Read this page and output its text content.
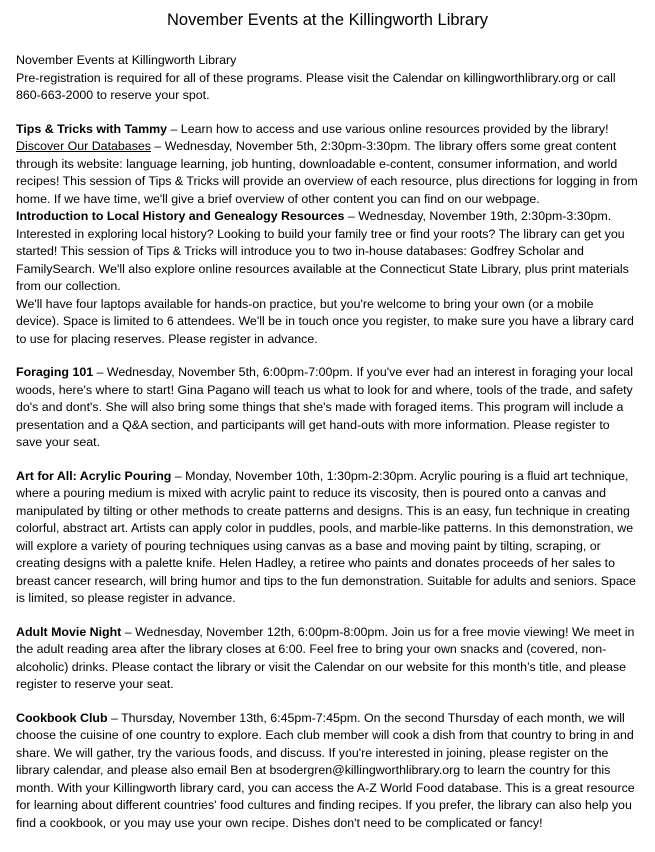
November Events at the Killingworth Library

November Events at Killingworth Library

Pre-registration is required for all of these programs. Please visit the Calendar on killingworthlibrary.org or call 860-663-2000 to reserve your spot.

Tips & Tricks with Tammy – Learn how to access and use various online resources provided by the library! Discover Our Databases – Wednesday, November 5th, 2:30pm-3:30pm. The library offers some great content through its website: language learning, job hunting, downloadable e-content, consumer information, and world recipes! This session of Tips & Tricks will provide an overview of each resource, plus directions for logging in from home. If we have time, we'll give a brief overview of other content you can find on our webpage.

Introduction to Local History and Genealogy Resources – Wednesday, November 19th, 2:30pm-3:30pm. Interested in exploring local history? Looking to build your family tree or find your roots? The library can get you started! This session of Tips & Tricks will introduce you to two in-house databases: Godfrey Scholar and FamilySearch. We'll also explore online resources available at the Connecticut State Library, plus print materials from our collection.

We'll have four laptops available for hands-on practice, but you're welcome to bring your own (or a mobile device). Space is limited to 6 attendees. We'll be in touch once you register, to make sure you have a library card to use for placing reserves. Please register in advance.

Foraging 101 – Wednesday, November 5th, 6:00pm-7:00pm. If you've ever had an interest in foraging your local woods, here's where to start! Gina Pagano will teach us what to look for and where, tools of the trade, and safety do's and dont's. She will also bring some things that she's made with foraged items. This program will include a presentation and a Q&A section, and participants will get hand-outs with more information. Please register to save your seat.

Art for All: Acrylic Pouring – Monday, November 10th, 1:30pm-2:30pm. Acrylic pouring is a fluid art technique, where a pouring medium is mixed with acrylic paint to reduce its viscosity, then is poured onto a canvas and manipulated by tilting or other methods to create patterns and designs. This is an easy, fun technique in creating colorful, abstract art. Artists can apply color in puddles, pools, and marble-like patterns. In this demonstration, we will explore a variety of pouring techniques using canvas as a base and moving paint by tilting, scraping, or creating designs with a palette knife. Helen Hadley, a retiree who paints and donates proceeds of her sales to breast cancer research, will bring humor and tips to the fun demonstration. Suitable for adults and seniors. Space is limited, so please register in advance.

Adult Movie Night – Wednesday, November 12th, 6:00pm-8:00pm. Join us for a free movie viewing! We meet in the adult reading area after the library closes at 6:00. Feel free to bring your own snacks and (covered, non-alcoholic) drinks. Please contact the library or visit the Calendar on our website for this month’s title, and please register to reserve your seat.

Cookbook Club – Thursday, November 13th, 6:45pm-7:45pm. On the second Thursday of each month, we will choose the cuisine of one country to explore. Each club member will cook a dish from that country to bring in and share. We will gather, try the various foods, and discuss. If you're interested in joining, please register on the library calendar, and please also email Ben at bsodergren@killingworthlibrary.org to learn the country for this month. With your Killingworth library card, you can access the A-Z World Food database. This is a great resource for learning about different countries' food cultures and finding recipes. If you prefer, the library can also help you find a cookbook, or you may use your own recipe. Dishes don't need to be complicated or fancy!
